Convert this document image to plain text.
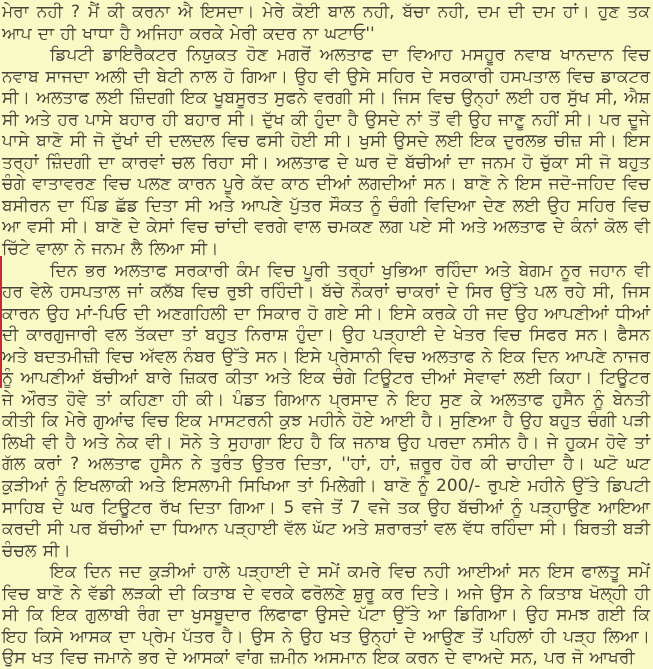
ਮੇਰਾ ਨਹੀ ? ਮੈਂ ਕੀ ਕਰਨਾ ਐ ਇਸਦਾ। ਮੇਰੇ ਕੋਈ ਬਾਲ ਨਹੀ, ਬੱਚਾ ਨਹੀ, ਦਮ ਦੀ ਦਮ ਹਾਂ। ਹੁਣ ਤਕ ਆਪ ਦਾ ਹੀ ਖਾਧਾ ਹੈ ਅਜਿਹਾ ਕਰਕੇ ਮੇਰੀ ਕਦਰ ਨਾ ਘਟਾਓ''

ਡਿਪਟੀ ਡਾਇਰੈਕਟਰ ਨਿਯੁਕਤ ਹੋਣ ਮਗਰੋਂ ਅਲਤਾਫ ਦਾ ਵਿਆਹ ਮਸਹੂਰ ਨਵਾਬ ਖਾਨਦਾਨ ਵਿਚ ਨਵਾਬ ਸਾਜਦਾ ਅਲੀ ਦੀ ਬੇਟੀ ਨਾਲ ਹੋ ਗਿਆ। ਉਹ ਵੀ ਉਸੇ ਸਹਿਰ ਦੇ ਸਰਕਾਰੀ ਹਸਪਤਾਲ ਵਿਚ ਡਾਕਟਰ ਸੀ। ਅਲਤਾਫ ਲਈ ਜ਼ਿੰਦਗੀ ਇਕ ਖੂਬਸੂਰਤ ਸੁਫਨੇ ਵਰਗੀ ਸੀ। ਜਿਸ ਵਿਚ ਉਨ੍ਹਾਂ ਲਈ ਹਰ ਸੁੱਖ ਸੀ, ਐਸ਼ ਸੀ ਅਤੇ ਹਰ ਪਾਸੇ ਬਹਾਰ ਹੀ ਬਹਾਰ ਸੀ। ਦੁੱਖ ਕੀ ਹੁੰਦਾ ਹੈ ਉਸਦੇ ਨਾਂ ਤੋਂ ਵੀ ਉਹ ਜਾਣੂ ਨਹੀਂ ਸੀ। ਪਰ ਦੂਜੇ ਪਾਸੇ ਬਾਣੋ ਸੀ ਜੋ ਦੁੱਖਾਂ ਦੀ ਦਲਦਲ ਵਿਚ ਫਸੀ ਹੋਈ ਸੀ। ਖੁਸੀ ਉਸਦੇ ਲਈ ਇਕ ਦੁਰਲਭ ਚੀਜ਼ ਸੀ। ਇਸ ਤਰ੍ਹਾਂ ਜ਼ਿੰਦਗੀ ਦਾ ਕਾਰਵਾਂ ਚਲ ਰਿਹਾ ਸੀ। ਅਲਤਾਫ ਦੇ ਘਰ ਦੋ ਬੱਚੀਆਂ ਦਾ ਜਨਮ ਹੋ ਚੁੱਕਾ ਸੀ ਜੋ ਬਹੁਤ ਚੰਗੇ ਵਾਤਾਵਰਣ ਵਿਚ ਪਲਣ ਕਾਰਨ ਪੂਰੇ ਕੱਦ ਕਾਠ ਦੀਆਂ ਲਗਦੀਆਂ ਸਨ। ਬਾਣੋ ਨੇ ਇਸ ਜਦੋ-ਜਹਿਦ ਵਿਚ ਬਸੀਰਨ ਦਾ ਪਿੰਡ ਛੱਡ ਦਿਤਾ ਸੀ ਅਤੇ ਆਪਣੇ ਪੁੱਤਰ ਸੌਕਤ ਨੂੰ ਚੰਗੀ ਵਿਦਿਆ ਦੇਣ ਲਈ ਉਹ ਸਹਿਰ ਵਿਚ ਆ ਵਸੀ ਸੀ। ਬਾਣੋ ਦੇ ਕੇਸਾਂ ਵਿਚ ਚਾਂਦੀ ਵਰਗੇ ਵਾਲ ਚਮਕਣ ਲਗ ਪਏ ਸੀ ਅਤੇ ਅਲਤਾਫ ਦੇ ਕੰਨਾਂ ਕੋਲ ਵੀ ਚਿੱਟੇ ਵਾਲਾ ਨੇ ਜਨਮ ਲੈ ਲਿਆ ਸੀ।

ਦਿਨ ਭਰ ਅਲਤਾਫ ਸਰਕਾਰੀ ਕੰਮ ਵਿਚ ਪੂਰੀ ਤਰ੍ਹਾਂ ਖੁਭਿਆ ਰਹਿੰਦਾ ਅਤੇ ਬੇਗਮ ਨੂਰ ਜਹਾਨ ਵੀ ਹਰ ਵੇਲੇ ਹਸਪਤਾਲ ਜਾਂ ਕਲੱਬ ਵਿਚ ਰੁਝੀ ਰਹਿੰਦੀ। ਬੱਚੇ ਨੌਕਰਾਂ ਚਾਕਰਾਂ ਦੇ ਸਿਰ ਉੱਤੇ ਪਲ ਰਹੇ ਸੀ, ਜਿਸ ਕਾਰਨ ਉਹ ਮਾਂ-ਪਿਓ ਦੀ ਅਣਗਹਿਲੀ ਦਾ ਸਿਕਾਰ ਹੋ ਗਏ ਸੀ। ਇਸੇ ਕਰਕੇ ਹੀ ਜਦ ਉਹ ਆਪਣੀਆਂ ਧੀਆਂ ਦੀ ਕਾਰਗੁਜਾਰੀ ਵਲ ਤੱਕਦਾ ਤਾਂ ਬਹੁਤ ਨਿਰਾਸ਼ ਹੁੰਦਾ। ਉਹ ਪੜ੍ਹਾਈ ਦੇ ਖੇਤਰ ਵਿਚ ਸਿਫਰ ਸਨ। ਫੈਸਨ ਅਤੇ ਬਦਤਮੀਜ਼ੀ ਵਿਚ ਅੱਵਲ ਨੰਬਰ ਉੱਤੇ ਸਨ। ਇਸੇ ਪ੍ਰੇਸਾਨੀ ਵਿਚ ਅਲਤਾਫ ਨੇ ਇਕ ਦਿਨ ਆਪਣੇ ਨਾਜਰ ਨੂੰ ਆਪਣੀਆਂ ਬੱਚੀਆਂ ਬਾਰੇ ਜ਼ਿਕਰ ਕੀਤਾ ਅਤੇ ਇਕ ਚੰਗੇ ਟਿਊਟਰ ਦੀਆਂ ਸੇਵਾਵਾਂ ਲਈ ਕਿਹਾ। ਟਿਊਟਰ ਜੇ ਔਰਤ ਹੋਵੇ ਤਾਂ ਕਹਿਣਾ ਹੀ ਕੀ। ਪੰਡਤ ਗਿਆਨ ਪ੍ਰਸਾਦ ਨੇ ਇਹ ਸੁਣ ਕੇ ਅਲਤਾਫ ਹੁਸੈਨ ਨੂੰ ਬੇਨਤੀ ਕੀਤੀ ਕਿ ਮੇਰੇ ਗੁਆਂਢ ਵਿਚ ਇਕ ਮਾਸਟਰਨੀ ਕੁਝ ਮਹੀਨੇ ਹੋਏ ਆਈ ਹੈ। ਸੁਣਿਆ ਹੈ ਉਹ ਬਹੁਤ ਚੰਗੀ ਪੜੀ ਲਿਖੀ ਵੀ ਹੈ ਅਤੇ ਨੇਕ ਵੀ। ਸੋਨੇ ਤੇ ਸੁਹਾਗਾ ਇਹ ਹੈ ਕਿ ਜਨਾਬ ਉਹ ਪਰਦਾ ਨਸੀਨ ਹੈ। ਜੇ ਹੁਕਮ ਹੋਵੇ ਤਾਂ ਗੱਲ ਕਰਾਂ ? ਅਲਤਾਫ ਹੁਸੈਨ ਨੇ ਤੁਰੰਤ ਉਤਰ ਦਿਤਾ, ''ਹਾਂ, ਹਾਂ, ਜ਼ਰੂਰ ਹੋਰ ਕੀ ਚਾਹੀਦਾ ਹੈ। ਘਟੋ ਘਟ ਕੁੜੀਆਂ ਨੂੰ ਇਖਲਾਕੀ ਅਤੇ ਇਸਲਾਮੀ ਸਿਖਿਆ ਤਾਂ ਮਿਲੇਗੀ। ਬਾਣੋ ਨੂੰ 200/- ਰੁਪਏ ਮਹੀਨੇ ਉੱਤੇ ਡਿਪਟੀ ਸਾਹਿਬ ਦੇ ਘਰ ਟਿਊਟਰ ਰੱਖ ਦਿਤਾ ਗਿਆ। 5 ਵਜੇ ਤੋਂ 7 ਵਜੇ ਤਕ ਉਹ ਬੱਚੀਆਂ ਨੂੰ ਪੜ੍ਹਾਉਣ ਆਇਆ ਕਰਦੀ ਸੀ ਪਰ ਬੱਚੀਆਂ ਦਾ ਧਿਆਨ ਪੜ੍ਹਾਈ ਵੱਲ ਘੱਟ ਅਤੇ ਸ਼ਰਾਰਤਾਂ ਵਲ ਵੱਧ ਰਹਿੰਦਾ ਸੀ। ਬਿਰਤੀ ਬੜੀ ਚੰਚਲ ਸੀ।

ਇਕ ਦਿਨ ਜਦ ਕੁੜੀਆਂ ਹਾਲੇ ਪੜ੍ਹਾਈ ਦੇ ਸਮੇਂ ਕਮਰੇ ਵਿਚ ਨਹੀ ਆਈਆਂ ਸਨ ਇਸ ਫਾਲਤੂ ਸਮੇਂ ਵਿਚ ਬਾਣੋ ਨੇ ਵੱਡੀ ਲੜਕੀ ਦੀ ਕਿਤਾਬ ਦੇ ਵਰਕੇ ਫਰੋਲਣੇ ਸ਼ੁਰੂ ਕਰ ਦਿਤੇ। ਅਜੇ ਉਸ ਨੇ ਕਿਤਾਬ ਖੋਲ੍ਹੀ ਹੀ ਸੀ ਕਿ ਇਕ ਗੁਲਾਬੀ ਰੰਗ ਦਾ ਖੁਸਬੂਦਾਰ ਲਿਫਾਫਾ ਉਸਦੇ ਪੱਟਾ ਉੱਤੇ ਆ ਡਿਗਿਆ। ਉਹ ਸਮਝ ਗਈ ਕਿ ਇਹ ਕਿਸੇ ਆਸਕ ਦਾ ਪ੍ਰੇਮ ਪੱਤਰ ਹੈ। ਉਸ ਨੇ ਉਹ ਖਤ ਉਨ੍ਹਾਂ ਦੇ ਆਉਣ ਤੋਂ ਪਹਿਲਾਂ ਹੀ ਪੜ੍ਹ ਲਿਆ। ਉਸ ਖਤ ਵਿਚ ਜਮਾਨੇ ਭਰ ਦੇ ਆਸਕਾਂ ਵਾਂਗ ਜ਼ਮੀਨ ਅਸਮਾਨ ਇਕ ਕਰਨ ਦੇ ਵਾਅਦੇ ਸਨ, ਪਰ ਜੋ ਆਖਰੀ
